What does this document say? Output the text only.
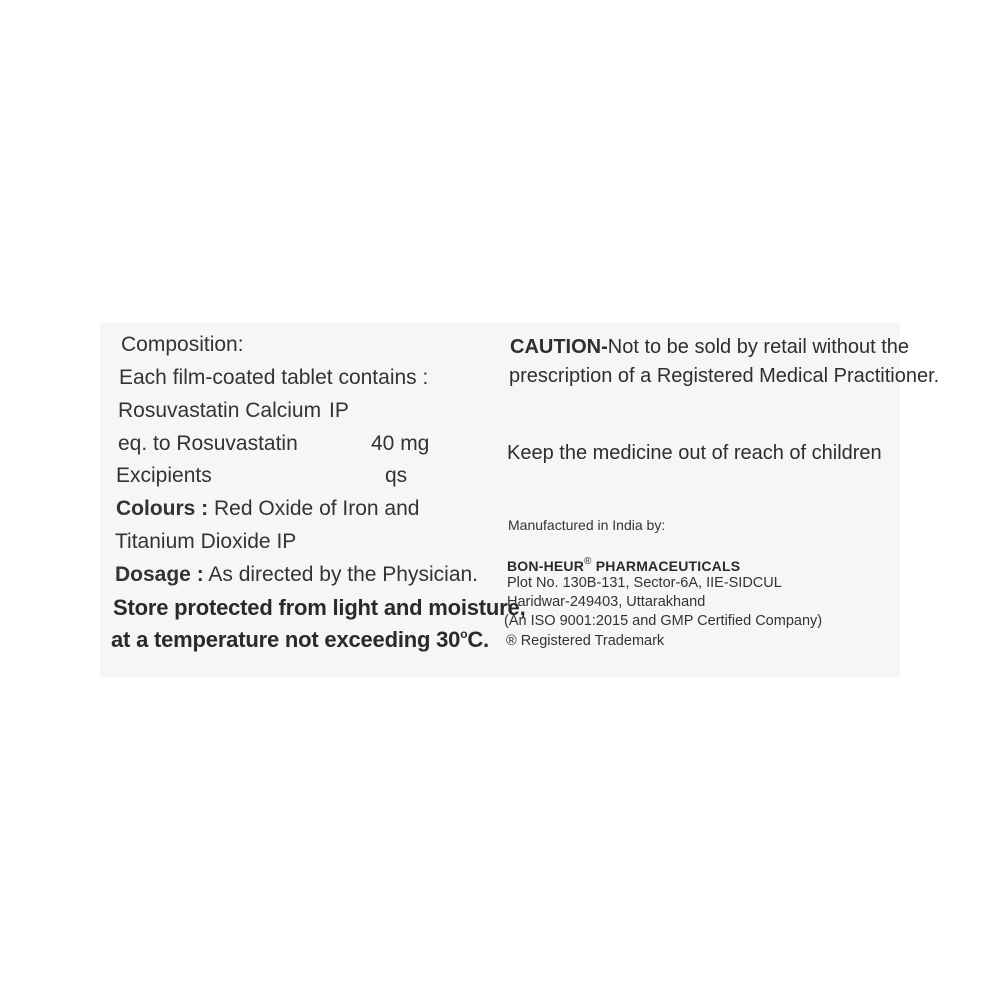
Composition:
Each film-coated tablet contains :
Rosuvastatin Calcium IP
eq. to Rosuvastatin	40 mg
Excipients	qs
Colours : Red Oxide of Iron and
Titanium Dioxide IP
Dosage : As directed by the Physician.
Store protected from light and moisture,
at a temperature not exceeding 30$^o$C.
CAUTION-Not to be sold by retail without the
prescription of a Registered Medical Practitioner.
Keep the medicine out of reach of children
Manufactured in India by:
BON-HEUR® PHARMACEUTICALS
Plot No. 130B-131, Sector-6A, IIE-SIDCUL
Haridwar-249403, Uttarakhand
(An ISO 9001:2015 and GMP Certified Company)
® Registered Trademark
